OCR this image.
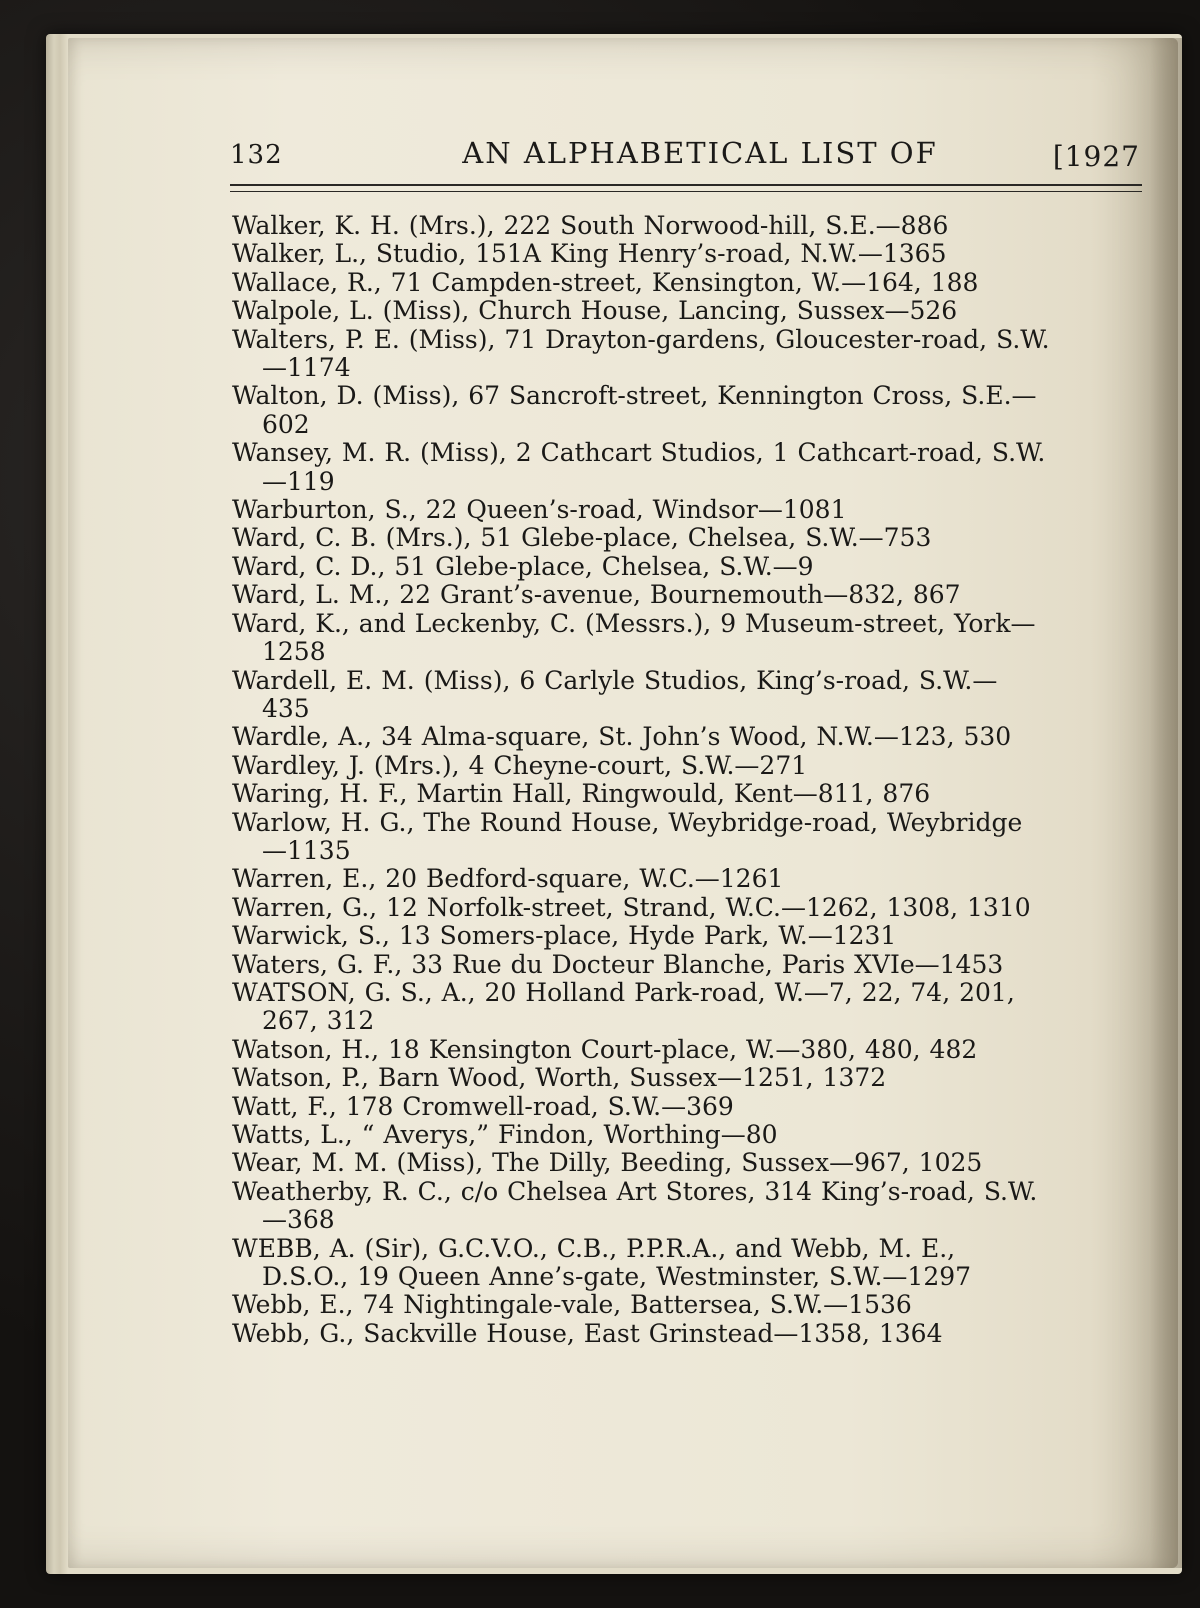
132	AN ALPHABETICAL LIST OF	[1927
Walker, K. H. (Mrs.), 222 South Norwood-hill, S.E.—886
Walker, L., Studio, 151A King Henry’s-road, N.W.—1365
Wallace, R., 71 Campden-street, Kensington, W.—164, 188
Walpole, L. (Miss), Church House, Lancing, Sussex—526
Walters, P. E. (Miss), 71 Drayton-gardens, Gloucester-road, S.W.
—1174
Walton, D. (Miss), 67 Sancroft-street, Kennington Cross, S.E.—
602
Wansey, M. R. (Miss), 2 Cathcart Studios, 1 Cathcart-road, S.W.
—119
Warburton, S., 22 Queen’s-road, Windsor—1081
Ward, C. B. (Mrs.), 51 Glebe-place, Chelsea, S.W.—753
Ward, C. D., 51 Glebe-place, Chelsea, S.W.—9
Ward, L. M., 22 Grant’s-avenue, Bournemouth—832, 867
Ward, K., and Leckenby, C. (Messrs.), 9 Museum-street, York—
1258
Wardell, E. M. (Miss), 6 Carlyle Studios, King’s-road, S.W.—
435
Wardle, A., 34 Alma-square, St. John’s Wood, N.W.—123, 530
Wardley, J. (Mrs.), 4 Cheyne-court, S.W.—271
Waring, H. F., Martin Hall, Ringwould, Kent—811, 876
Warlow, H. G., The Round House, Weybridge-road, Weybridge
—1135
Warren, E., 20 Bedford-square, W.C.—1261
Warren, G., 12 Norfolk-street, Strand, W.C.—1262, 1308, 1310
Warwick, S., 13 Somers-place, Hyde Park, W.—1231
Waters, G. F., 33 Rue du Docteur Blanche, Paris XVIe—1453
WATSON, G. S., A., 20 Holland Park-road, W.—7, 22, 74, 201,
267, 312
Watson, H., 18 Kensington Court-place, W.—380, 480, 482
Watson, P., Barn Wood, Worth, Sussex—1251, 1372
Watt, F., 178 Cromwell-road, S.W.—369
Watts, L., “ Averys,” Findon, Worthing—80
Wear, M. M. (Miss), The Dilly, Beeding, Sussex—967, 1025
Weatherby, R. C., c/o Chelsea Art Stores, 314 King’s-road, S.W.
—368
WEBB, A. (Sir), G.C.V.O., C.B., P.P.R.A., and Webb, M. E.,
D.S.O., 19 Queen Anne’s-gate, Westminster, S.W.—1297
Webb, E., 74 Nightingale-vale, Battersea, S.W.—1536
Webb, G., Sackville House, East Grinstead—1358, 1364
